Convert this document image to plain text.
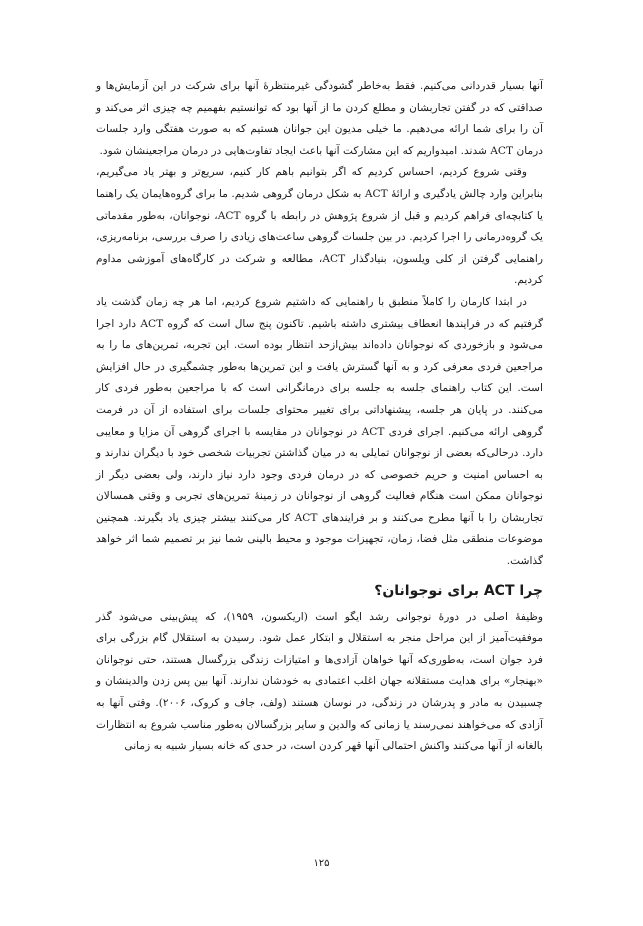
آنها بسیار قدردانی می‌کنیم. فقط به‌خاطر گشودگی غیرمنتظرهٔ آنها برای شرکت در این آزمایش‌ها و صداقتی که در گفتن تجاربشان و مطلع کردن ما از آنها بود که توانستیم بفهمیم چه چیزی اثر می‌کند و آن را برای شما ارائه می‌دهیم. ما خیلی مدیون این جوانان هستیم که به صورت هفتگی وارد جلسات درمان ACT شدند. امیدواریم که این مشارکت آنها باعث ایجاد تفاوت‌هایی در درمان مراجعینشان شود.

وقتی شروع کردیم، احساس کردیم که اگر بتوانیم باهم کار کنیم، سریع‌تر و بهتر یاد می‌گیریم، بنابراین وارد چالش یادگیری و ارائهٔ ACT به شکل درمان گروهی شدیم. ما برای گروه‌هایمان یک راهنما یا کتابچه‌ای فراهم کردیم و قبل از شروع پژوهش در رابطه با گروه ACT، نوجوانان، به‌طور مقدماتی یک گروه‌درمانی را اجرا کردیم. در بین جلسات گروهی ساعت‌های زیادی را صرف بررسی، برنامه‌ریزی، راهنمایی گرفتن از کلی ویلسون، بنیادگذار ACT، مطالعه و شرکت در کارگاه‌های آموزشی مداوم کردیم.

در ابتدا کارمان را کاملاً منطبق با راهنمایی که داشتیم شروع کردیم، اما هر چه زمان گذشت یاد گرفتیم که در فرایندها انعطاف بیشتری داشته باشیم. تاکنون پنج سال است که گروه ACT دارد اجرا می‌شود و بازخوردی که نوجوانان داده‌اند بیش‌ازحد انتظار بوده است. این تجربه، تمرین‌های ما را به مراجعین فردی معرفی کرد و به آنها گسترش یافت و این تمرین‌ها به‌طور چشمگیری در حال افزایش است. این کتاب راهنمای جلسه به جلسه برای درمانگرانی است که با مراجعین به‌طور فردی کار می‌کنند. در پایان هر جلسه، پیشنهاداتی برای تغییر محتوای جلسات برای استفاده از آن در فرمت گروهی ارائه می‌کنیم. اجرای فردی ACT در نوجوانان در مقایسه با اجرای گروهی آن مزایا و معایبی دارد. درحالی‌که بعضی از نوجوانان تمایلی به در میان گذاشتن تجربیات شخصی خود با دیگران ندارند و به احساس امنیت و حریم خصوصی که در درمان فردی وجود دارد نیاز دارند، ولی بعضی دیگر از نوجوانان ممکن است هنگام فعالیت گروهی از نوجوانان در زمینهٔ تمرین‌های تجربی و وقتی همسالان تجاربشان را با آنها مطرح می‌کنند و بر فرایندهای ACT کار می‌کنند بیشتر چیزی یاد بگیرند. همچنین موضوعات منطقی مثل فضا، زمان، تجهیزات موجود و محیط بالینی شما نیز بر تصمیم شما اثر خواهد گذاشت.

چرا ACT برای نوجوانان؟

وظیفهٔ اصلی در دورهٔ نوجوانی رشد ایگو است (اریکسون، ۱۹۵۹)، که پیش‌بینی می‌شود گذر موفقیت‌آمیز از این مراحل منجر به استقلال و ابتکار عمل شود. رسیدن به استقلال گام بزرگی برای فرد جوان است، به‌طوری‌که آنها خواهان آزادی‌ها و امتیازات زندگی بزرگسال هستند، حتی نوجوانان «بهنجار» برای هدایت مستقلانه جهان اغلب اعتمادی به خودشان ندارند. آنها بین پس زدن والدینشان و چسبیدن به مادر و پدرشان در زندگی، در نوسان هستند (ولف، جاف و کروک، ۲۰۰۶). وقتی آنها به آزادی که می‌خواهند نمی‌رسند یا زمانی که والدین و سایر بزرگسالان به‌طور مناسب شروع به انتظارات بالغانه از آنها می‌کنند واکنش احتمالی آنها قهر کردن است، در حدی که خانه بسیار شبیه به زمانی

۱۲۵
